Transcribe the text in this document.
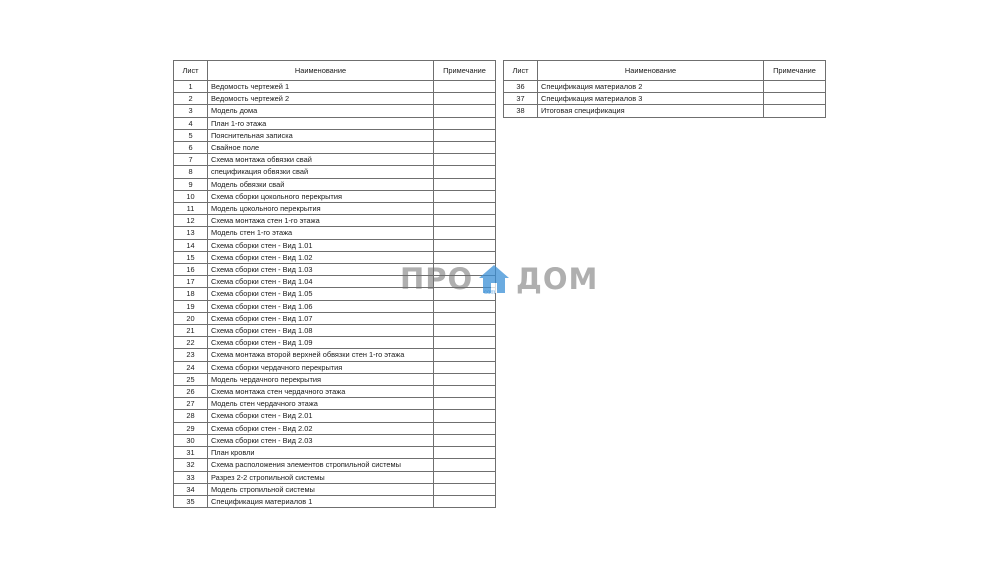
Лист	Наименование	Примечание
1	Ведомость чертежей 1	
2	Ведомость чертежей 2	
3	Модель дома	
4	План 1-го этажа	
5	Пояснительная записка	
6	Свайное поле	
7	Схема монтажа обвязки свай	
8	спецификация обвязки свай	
9	Модель обвязки свай	
10	Схема сборки цокольного перекрытия	
11	Модель цокольного перекрытия	
12	Схема монтажа стен 1-го этажа	
13	Модель стен 1-го этажа	
14	Схема сборки стен - Вид 1.01	
15	Схема сборки стен - Вид 1.02	
16	Схема сборки стен - Вид 1.03	
17	Схема сборки стен - Вид 1.04	
18	Схема сборки стен - Вид 1.05	
19	Схема сборки стен - Вид 1.06	
20	Схема сборки стен - Вид 1.07	
21	Схема сборки стен - Вид 1.08	
22	Схема сборки стен - Вид 1.09	
23	Схема монтажа второй верхней обвязки стен 1-го этажа	
24	Схема сборки чердачного перекрытия	
25	Модель чердачного перекрытия	
26	Схема монтажа стен чердачного этажа	
27	Модель стен чердачного этажа	
28	Схема сборки стен - Вид 2.01	
29	Схема сборки стен - Вид 2.02	
30	Схема сборки стен - Вид 2.03	
31	План кровли	
32	Схема расположения элементов стропильной системы	
33	Разрез 2-2 стропильной системы	
34	Модель стропильной системы	
35	Спецификация материалов 1	
Лист	Наименование	Примечание
36	Спецификация материалов 2	
37	Спецификация материалов 3	
38	Итоговая спецификация	
ПРО com ДОМ
